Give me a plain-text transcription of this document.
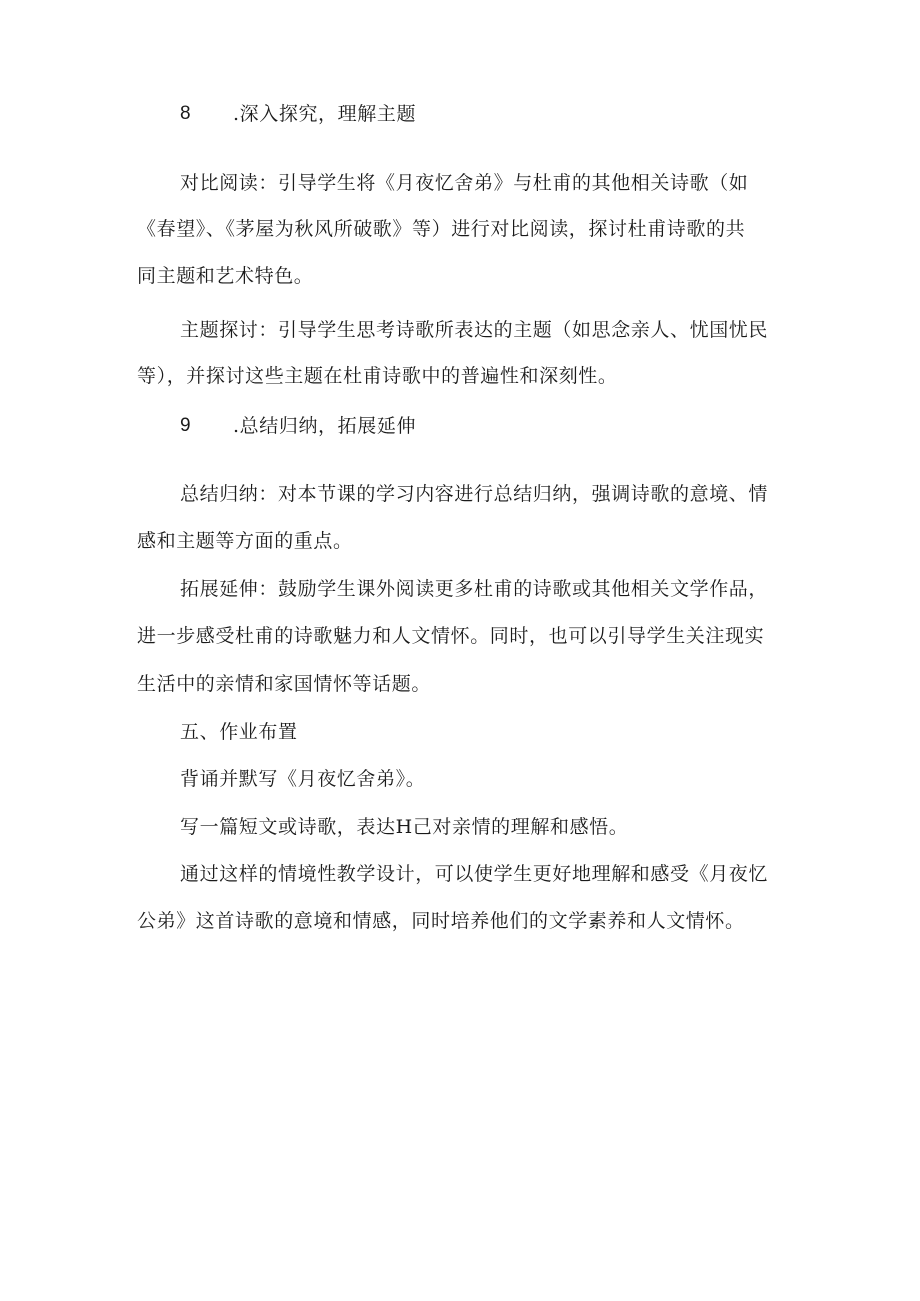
8 .深入探究，理解主题
对比阅读：引导学生将《月夜忆舍弟》与杜甫的其他相关诗歌（如
《春望》、《茅屋为秋风所破歌》等）进行对比阅读，探讨杜甫诗歌的共
同主题和艺术特色。
主题探讨：引导学生思考诗歌所表达的主题（如思念亲人、忧国忧民
等），并探讨这些主题在杜甫诗歌中的普遍性和深刻性。
9 .总结归纳，拓展延伸
总结归纳：对本节课的学习内容进行总结归纳，强调诗歌的意境、情
感和主题等方面的重点。
拓展延伸：鼓励学生课外阅读更多杜甫的诗歌或其他相关文学作品，
进一步感受杜甫的诗歌魅力和人文情怀。同时，也可以引导学生关注现实
生活中的亲情和家国情怀等话题。
五、作业布置
背诵并默写《月夜忆舍弟》。
写一篇短文或诗歌，表达H己对亲情的理解和感悟。
通过这样的情境性教学设计，可以使学生更好地理解和感受《月夜忆
公弟》这首诗歌的意境和情感，同时培养他们的文学素养和人文情怀。
